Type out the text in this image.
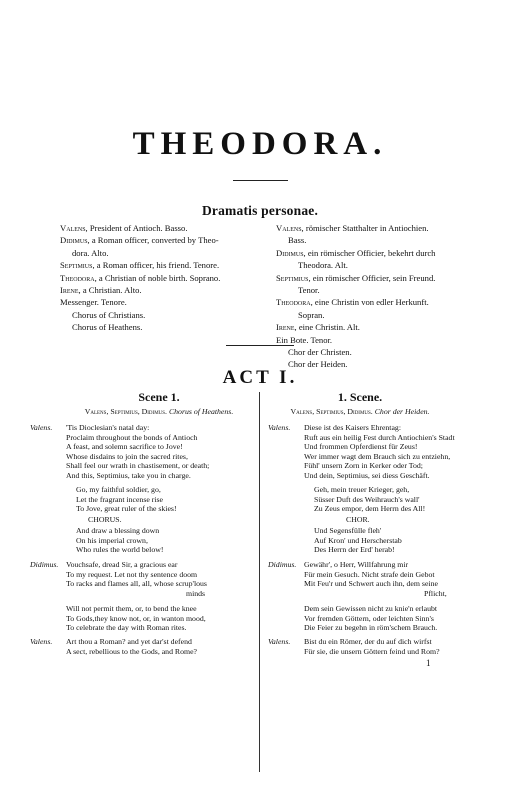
THEODORA.
Dramatis personae.
Valens, President of Antioch. Basso.
Didimus, a Roman officer, converted by Theo-
dora. Alto.
Septimius, a Roman officer, his friend. Tenore.
Theodora, a Christian of noble birth. Soprano.
Irene, a Christian. Alto.
Messenger. Tenore.
Chorus of Christians.
Chorus of Heathens.
Valens, römischer Statthalter in Antiochien.
Bass.
Didimus, ein römischer Officier, bekehrt durch
Theodora. Alt.
Septimius, ein römischer Officier, sein Freund.
Tenor.
Theodora, eine Christin von edler Herkunft.
Sopran.
Irene, eine Christin. Alt.
Ein Bote. Tenor.
Chor der Christen.
Chor der Heiden.
ACT I.
Scene 1.
Valens, Septimius, Didimus. Chorus of Heathens.
Valens. 'Tis Dioclesian's natal day:
Proclaim throughout the bonds of Antioch
A feast, and solemn sacrifice to Jove!
Whose disdains to join the sacred rites,
Shall feel our wrath in chastisement, or death;
And this, Septimius, take you in charge.
Go, my faithful soldier, go,
Let the fragrant incense rise
To Jove, great ruler of the skies!
CHORUS.
And draw a blessing down
On his imperial crown,
Who rules the world below!
Didimus. Vouchsafe, dread Sir, a gracious ear
To my request. Let not thy sentence doom
To racks and flames all, all, whose scrup'lous
minds
Will not permit them, or, to bend the knee
To Gods,they know not, or, in wanton mood,
To celebrate the day with Roman rites.
Valens. Art thou a Roman? and yet dar'st defend
A sect, rebellious to the Gods, and Rome?
1. Scene.
Valens, Septimius, Didimus. Chor der Heiden.
Valens. Diese ist des Kaisers Ehrentag:
Ruft aus ein heilig Fest durch Antiochien's Stadt
Und frommen Opferdienst für Zeus!
Wer immer wagt dem Brauch sich zu entziehn,
Fühl' unsern Zorn in Kerker oder Tod;
Und dein, Septimius, sei diess Geschäft.
Geh, mein treuer Krieger, geh,
Süsser Duft des Weihrauch's wall'
Zu Zeus empor, dem Herrn des All!
CHOR.
Und Segensfülle fleh'
Auf Kron' und Herscherstab
Des Herrn der Erd' herab!
Didimus. Gewähr', o Herr, Willfahrung mir
Für mein Gesuch. Nicht strafe dein Gebot
Mit Feu'r und Schwert auch ihn, dem seine
Pflicht,
Dem sein Gewissen nicht zu knie'n erlaubt
Vor fremden Göttern, oder leichten Sinn's
Die Feier zu begehn in röm'schem Brauch.
Valens. Bist du ein Römer, der du auf dich wirfst
Für sie, die unsern Göttern feind und Rom?
1
